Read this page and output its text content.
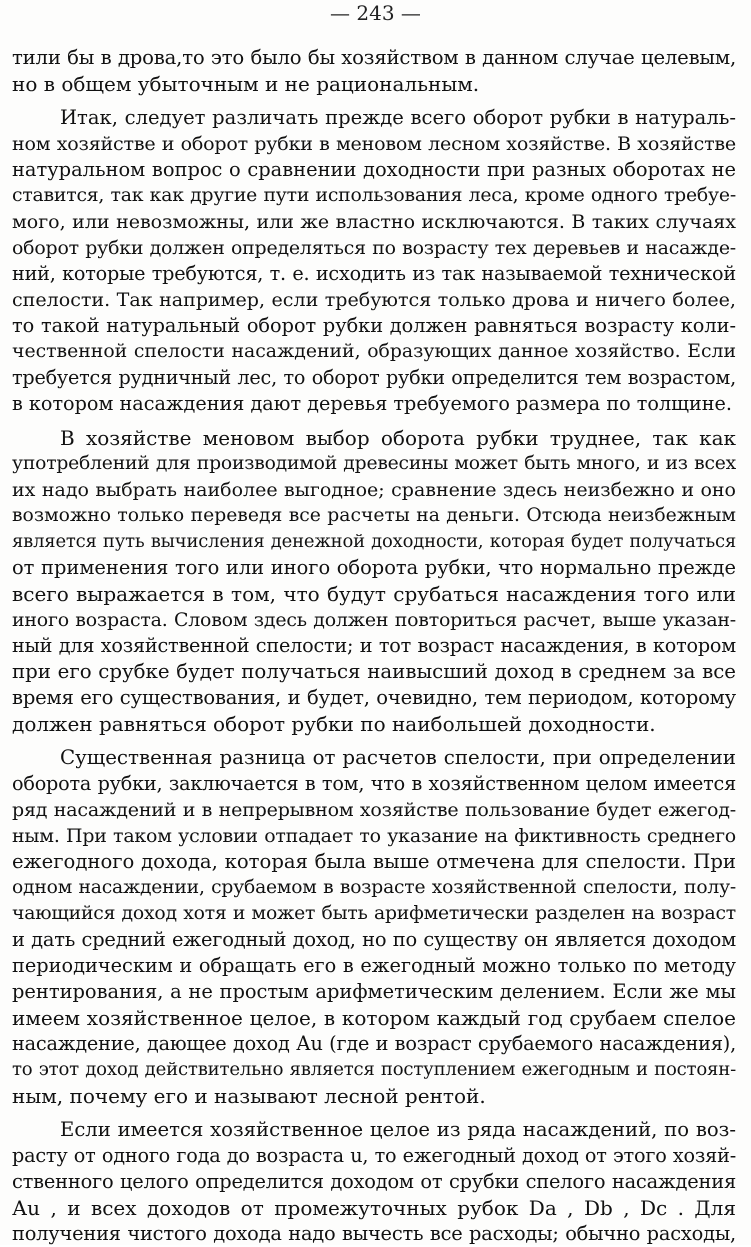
— 243 —

тили бы в дрова,то это было бы хозяйством в данном случае целевым,
но в общем убыточным и не рациональным.

Итак, следует различать прежде всего оборот рубки в натураль-
ном хозяйстве и оборот рубки в меновом лесном хозяйстве. В хозяйстве
натуральном вопрос о сравнении доходности при разных оборотах не
ставится, так как другие пути использования леса, кроме одного требуе-
мого, или невозможны, или же властно исключаются. В таких случаях
оборот рубки должен определяться по возрасту тех деревьев и насажде-
ний, которые требуются, т. е. исходить из так называемой технической
спелости. Так например, если требуются только дрова и ничего более,
то такой натуральный оборот рубки должен равняться возрасту коли-
чественной спелости насаждений, образующих данное хозяйство. Если
требуется рудничный лес, то оборот рубки определится тем возрастом,
в котором насаждения дают деревья требуемого размера по толщине.

В хозяйстве меновом выбор оборота рубки труднее, так как
употреблений для производимой древесины может быть много, и из всех
их надо выбрать наиболее выгодное; сравнение здесь неизбежно и оно
возможно только переведя все расчеты на деньги. Отсюда неизбежным
является путь вычисления денежной доходности, которая будет получаться
от применения того или иного оборота рубки, что нормально прежде
всего выражается в том, что будут срубаться насаждения того или
иного возраста. Словом здесь должен повториться расчет, выше указан-
ный для хозяйственной спелости; и тот возраст насаждения, в котором
при его срубке будет получаться наивысший доход в среднем за все
время его существования, и будет, очевидно, тем периодом, которому
должен равняться оборот рубки по наибольшей доходности.

Существенная разница от расчетов спелости, при определении
оборота рубки, заключается в том, что в хозяйственном целом имеется
ряд насаждений и в непрерывном хозяйстве пользование будет ежегод-
ным. При таком условии отпадает то указание на фиктивность среднего
ежегодного дохода, которая была выше отмечена для спелости. При
одном насаждении, срубаемом в возрасте хозяйственной спелости, полу-
чающийся доход хотя и может быть арифметически разделен на возраст
и дать средний ежегодный доход, но по существу он является доходом
периодическим и обращать его в ежегодный можно только по методу
рентирования, а не простым арифметическим делением. Если же мы
имеем хозяйственное целое, в котором каждый год срубаем спелое
насаждение, дающее доход Аu (где и возраст срубаемого насаждения),
то этот доход действительно является поступлением ежегодным и постоян-
ным, почему его и называют лесной рентой.

Если имеется хозяйственное целое из ряда насаждений, по воз-
расту от одного года до возраста u, то ежегодный доход от этого хозяй-
ственного целого определится доходом от срубки спелого насаждения
Аu , и всех доходов от промежуточных рубок Da , Db , Dc . Для
получения чистого дохода надо вычесть все расходы; обычно расходы,
